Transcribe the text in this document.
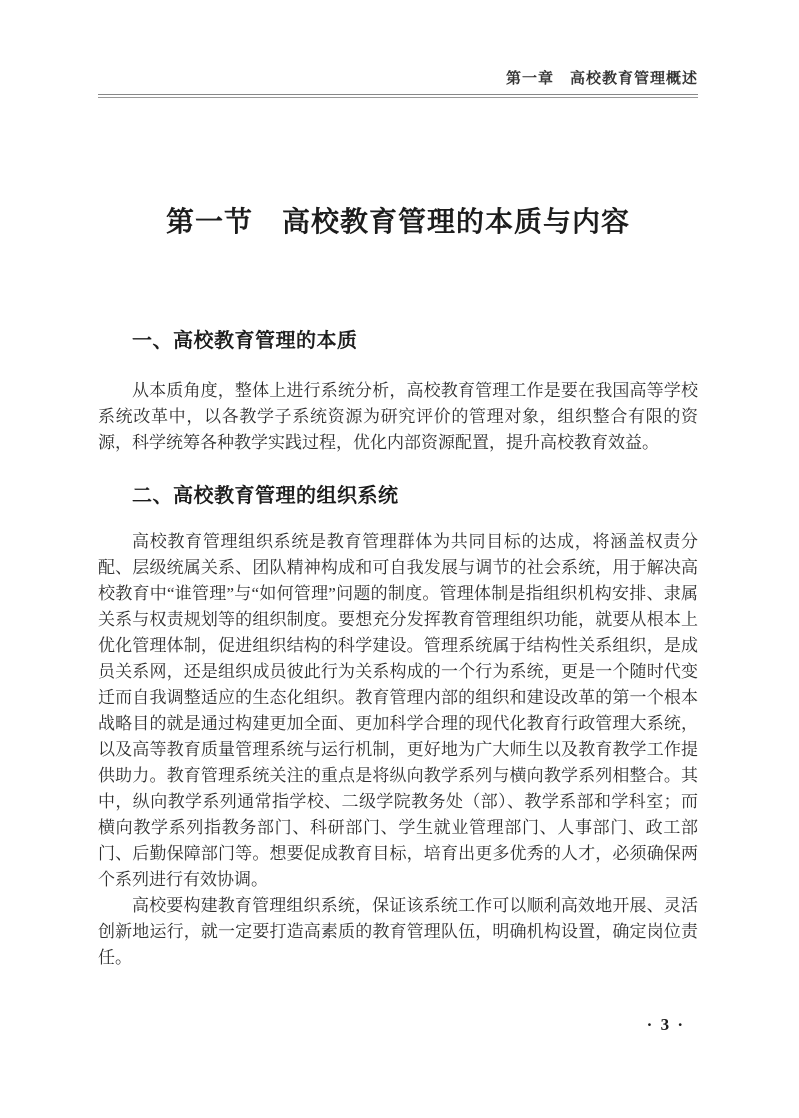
第一章　高校教育管理概述
第一节　高校教育管理的本质与内容
一、高校教育管理的本质

从本质角度，整体上进行系统分析，高校教育管理工作是要在我国高等学校系统改革中，以各教学子系统资源为研究评价的管理对象，组织整合有限的资源，科学统筹各种教学实践过程，优化内部资源配置，提升高校教育效益。

二、高校教育管理的组织系统

高校教育管理组织系统是教育管理群体为共同目标的达成，将涵盖权责分配、层级统属关系、团队精神构成和可自我发展与调节的社会系统，用于解决高校教育中“谁管理”与“如何管理”问题的制度。管理体制是指组织机构安排、隶属关系与权责规划等的组织制度。要想充分发挥教育管理组织功能，就要从根本上优化管理体制，促进组织结构的科学建设。管理系统属于结构性关系组织，是成员关系网，还是组织成员彼此行为关系构成的一个行为系统，更是一个随时代变迁而自我调整适应的生态化组织。教育管理内部的组织和建设改革的第一个根本战略目的就是通过构建更加全面、更加科学合理的现代化教育行政管理大系统，以及高等教育质量管理系统与运行机制，更好地为广大师生以及教育教学工作提供助力。教育管理系统关注的重点是将纵向教学系列与横向教学系列相整合。其中，纵向教学系列通常指学校、二级学院教务处（部）、教学系部和学科室；而横向教学系列指教务部门、科研部门、学生就业管理部门、人事部门、政工部门、后勤保障部门等。想要促成教育目标，培育出更多优秀的人才，必须确保两个系列进行有效协调。

高校要构建教育管理组织系统，保证该系统工作可以顺利高效地开展、灵活创新地运行，就一定要打造高素质的教育管理队伍，明确机构设置，确定岗位责任。

· 3 ·
